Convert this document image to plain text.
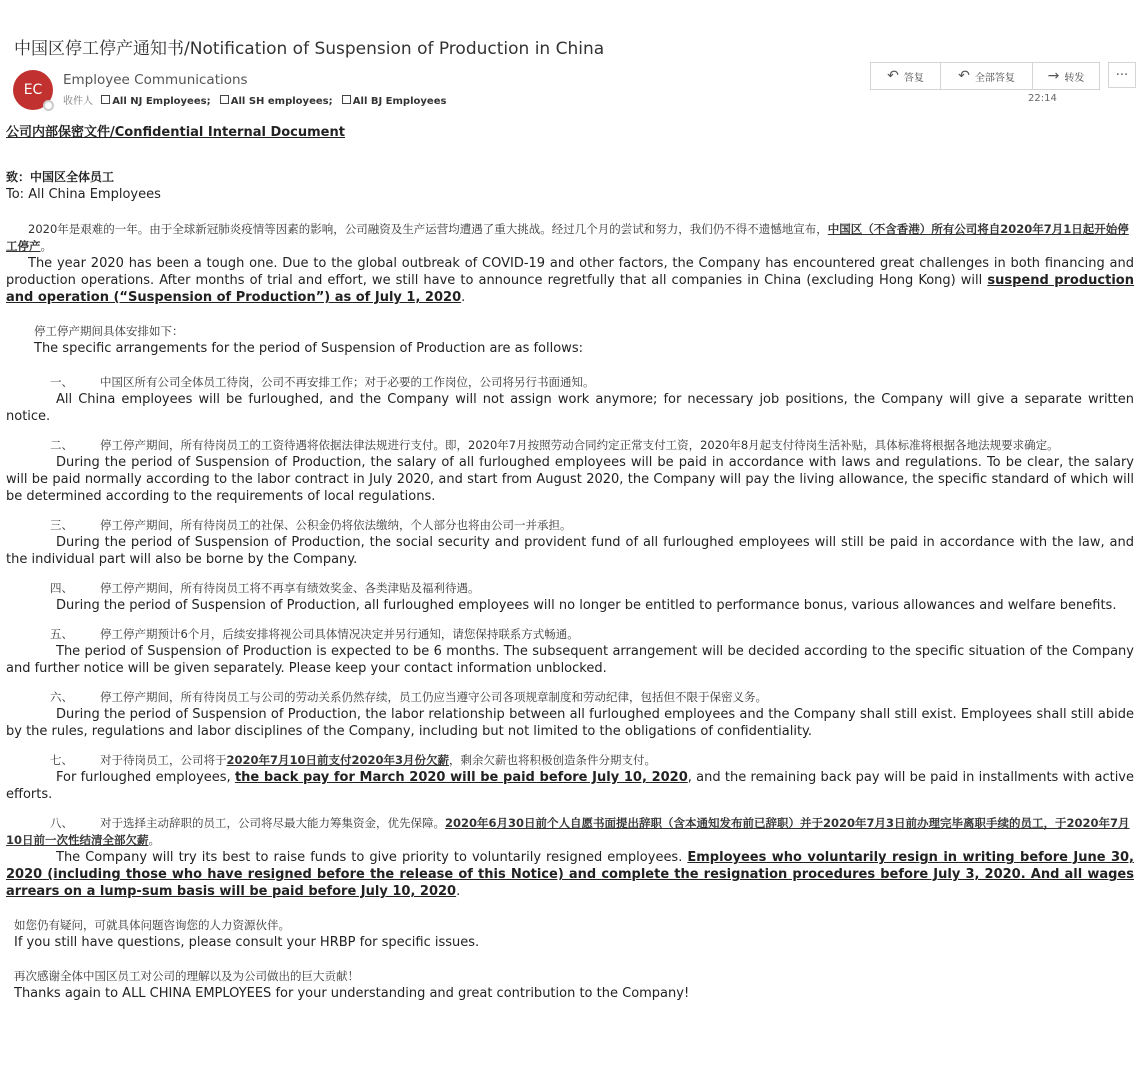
中国区停工停产通知书/Notification of Suspension of Production in China
EC
Employee Communications
收件人 All NJ Employees; All SH employees; All BJ Employees
↶ 答复 ↶ 全部答复 → 转发 ···
22:14

公司内部保密文件/Confidential Internal Document

致：中国区全体员工

To: All China Employees

2020年是艰难的一年。由于全球新冠肺炎疫情等因素的影响，公司融资及生产运营均遭遇了重大挑战。经过几个月的尝试和努力，我们仍不得不遗憾地宣布，中国区（不含香港）所有公司将自2020年7月1日起开始停工停产。

The year 2020 has been a tough one. Due to the global outbreak of COVID-19 and other factors, the Company has encountered great challenges in both financing and production operations. After months of trial and effort, we still have to announce regretfully that all companies in China (excluding Hong Kong) will suspend production and operation (“Suspension of Production”) as of July 1, 2020.

停工停产期间具体安排如下：

The specific arrangements for the period of Suspension of Production are as follows:

一、 中国区所有公司全体员工待岗，公司不再安排工作；对于必要的工作岗位，公司将另行书面通知。

All China employees will be furloughed, and the Company will not assign work anymore; for necessary job positions, the Company will give a separate written notice.

二、 停工停产期间，所有待岗员工的工资待遇将依据法律法规进行支付。即，2020年7月按照劳动合同约定正常支付工资，2020年8月起支付待岗生活补贴，具体标准将根据各地法规要求确定。

During the period of Suspension of Production, the salary of all furloughed employees will be paid in accordance with laws and regulations. To be clear, the salary will be paid normally according to the labor contract in July 2020, and start from August 2020, the Company will pay the living allowance, the specific standard of which will be determined according to the requirements of local regulations.

三、 停工停产期间，所有待岗员工的社保、公积金仍将依法缴纳，个人部分也将由公司一并承担。

During the period of Suspension of Production, the social security and provident fund of all furloughed employees will still be paid in accordance with the law, and the individual part will also be borne by the Company.

四、 停工停产期间，所有待岗员工将不再享有绩效奖金、各类津贴及福利待遇。

During the period of Suspension of Production, all furloughed employees will no longer be entitled to performance bonus, various allowances and welfare benefits.

五、 停工停产期预计6个月，后续安排将视公司具体情况决定并另行通知，请您保持联系方式畅通。

The period of Suspension of Production is expected to be 6 months. The subsequent arrangement will be decided according to the specific situation of the Company and further notice will be given separately. Please keep your contact information unblocked.

六、 停工停产期间，所有待岗员工与公司的劳动关系仍然存续，员工仍应当遵守公司各项规章制度和劳动纪律，包括但不限于保密义务。

During the period of Suspension of Production, the labor relationship between all furloughed employees and the Company shall still exist. Employees shall still abide by the rules, regulations and labor disciplines of the Company, including but not limited to the obligations of confidentiality.

七、 对于待岗员工，公司将于2020年7月10日前支付2020年3月份欠薪，剩余欠薪也将积极创造条件分期支付。

For furloughed employees, the back pay for March 2020 will be paid before July 10, 2020, and the remaining back pay will be paid in installments with active efforts.

八、 对于选择主动辞职的员工，公司将尽最大能力筹集资金，优先保障。2020年6月30日前个人自愿书面提出辞职（含本通知发布前已辞职）并于2020年7月3日前办理完毕离职手续的员工，于2020年7月10日前一次性结清全部欠薪。

The Company will try its best to raise funds to give priority to voluntarily resigned employees. Employees who voluntarily resign in writing before June 30, 2020 (including those who have resigned before the release of this Notice) and complete the resignation procedures before July 3, 2020. And all wages arrears on a lump-sum basis will be paid before July 10, 2020.

如您仍有疑问，可就具体问题咨询您的人力资源伙伴。

If you still have questions, please consult your HRBP for specific issues.

再次感谢全体中国区员工对公司的理解以及为公司做出的巨大贡献！

Thanks again to ALL CHINA EMPLOYEES for your understanding and great contribution to the Company!
